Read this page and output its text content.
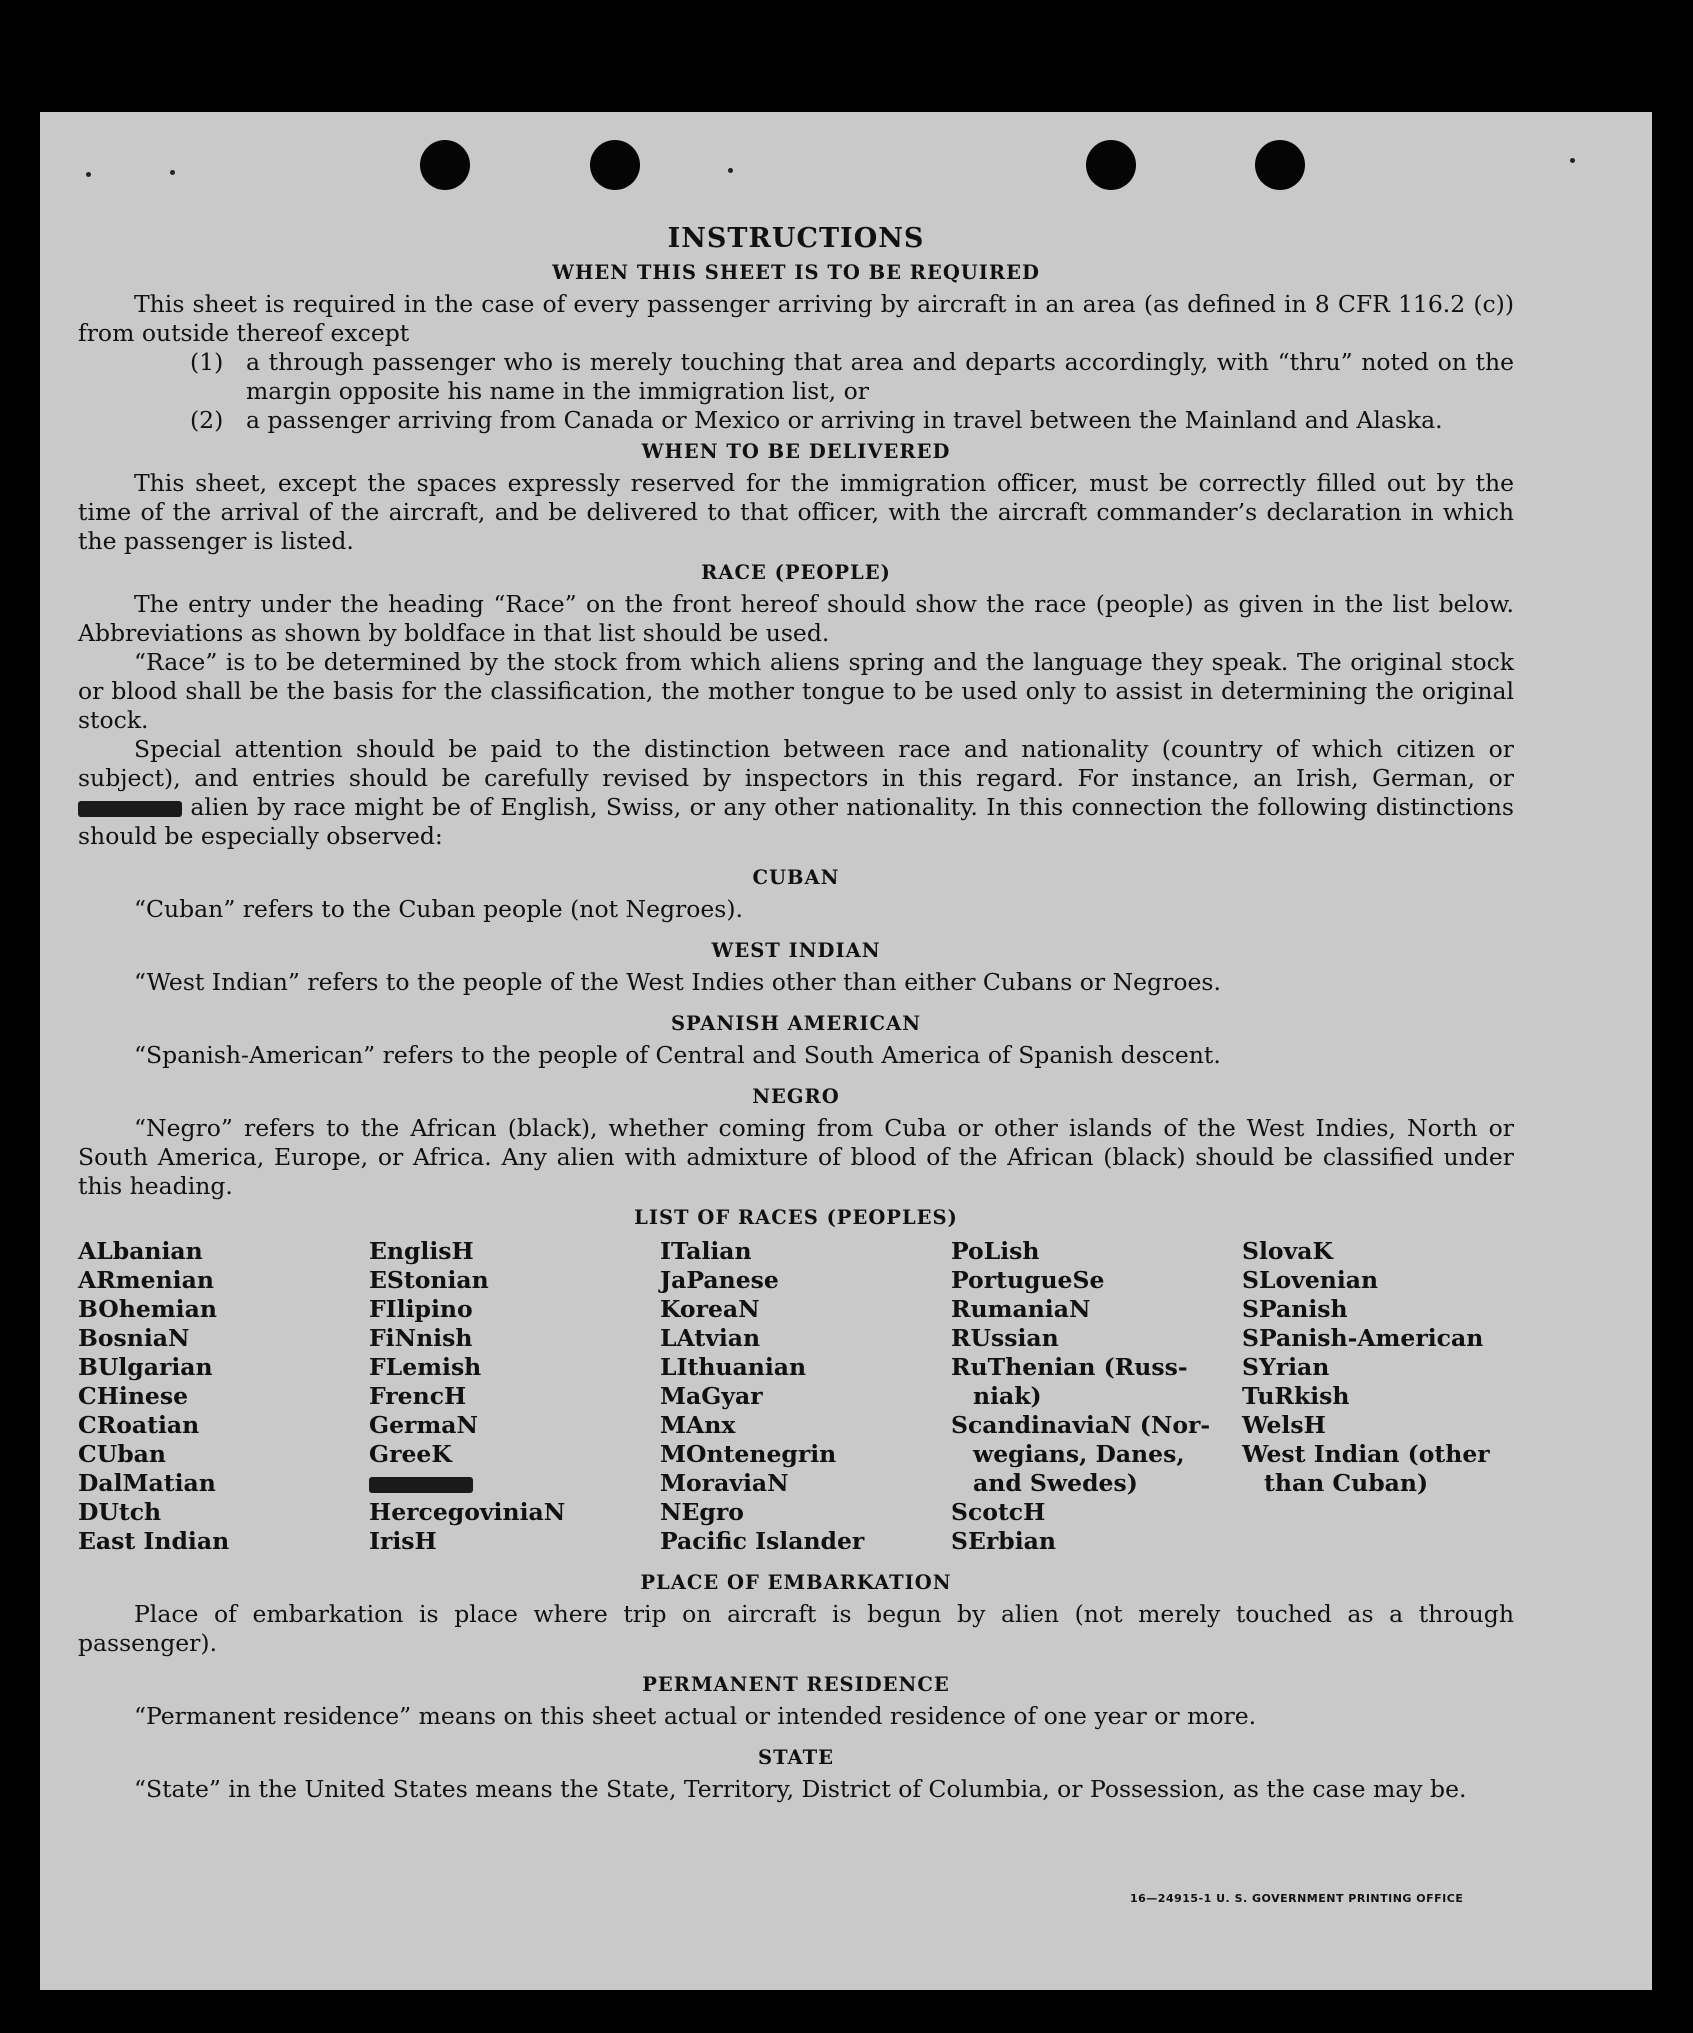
INSTRUCTIONS
WHEN THIS SHEET IS TO BE REQUIRED

This sheet is required in the case of every passenger arriving by aircraft in an area (as defined in 8 CFR 116.2 (c)) from outside thereof except

(1) a through passenger who is merely touching that area and departs accordingly, with “thru” noted on the margin opposite his name in the immigration list, or
(2) a passenger arriving from Canada or Mexico or arriving in travel between the Mainland and Alaska.
WHEN TO BE DELIVERED

This sheet, except the spaces expressly reserved for the immigration officer, must be correctly filled out by the time of the arrival of the aircraft, and be delivered to that officer, with the aircraft commander’s declaration in which the passenger is listed.

RACE (PEOPLE)

The entry under the heading “Race” on the front hereof should show the race (people) as given in the list below. Abbreviations as shown by boldface in that list should be used.

“Race” is to be determined by the stock from which aliens spring and the language they speak. The original stock or blood shall be the basis for the classification, the mother tongue to be used only to assist in determining the original stock.

Special attention should be paid to the distinction between race and nationality (country of which citizen or subject), and entries should be carefully revised by inspectors in this regard. For instance, an Irish, German, or  alien by race might be of English, Swiss, or any other nationality. In this connection the following distinctions should be especially observed:

CUBAN

“Cuban” refers to the Cuban people (not Negroes).

WEST INDIAN

“West Indian” refers to the people of the West Indies other than either Cubans or Negroes.

SPANISH AMERICAN

“Spanish-American” refers to the people of Central and South America of Spanish descent.

NEGRO

“Negro” refers to the African (black), whether coming from Cuba or other islands of the West Indies, North or South America, Europe, or Africa. Any alien with admixture of blood of the African (black) should be classified under this heading.

LIST OF RACES (PEOPLES)
ALbanian
ARmenian
BOhemian
BosniaN
BUlgarian
CHinese
CRoatian
CUban
DalMatian
DUtch
East Indian
EnglisH
EStonian
FIlipino
FiNnish
FLemish
FrencH
GermaN
GreeK
HercegoviniaN
IrisH
ITalian
JaPanese
KoreaN
LAtvian
LIthuanian
MaGyar
MAnx
MOntenegrin
MoraviaN
NEgro
Pacific Islander
PoLish
PortugueSe
RumaniaN
RUssian
RuThenian (Russ-
niak)
ScandinaviaN (Nor-
wegians, Danes,
and Swedes)
ScotcH
SErbian
SlovaK
SLovenian
SPanish
SPanish-American
SYrian
TuRkish
WelsH
West Indian (other
than Cuban)
PLACE OF EMBARKATION

Place of embarkation is place where trip on aircraft is begun by alien (not merely touched as a through passenger).

PERMANENT RESIDENCE

“Permanent residence” means on this sheet actual or intended residence of one year or more.

STATE

“State” in the United States means the State, Territory, District of Columbia, or Possession, as the case may be.

16—24915-1 U. S. GOVERNMENT PRINTING OFFICE
